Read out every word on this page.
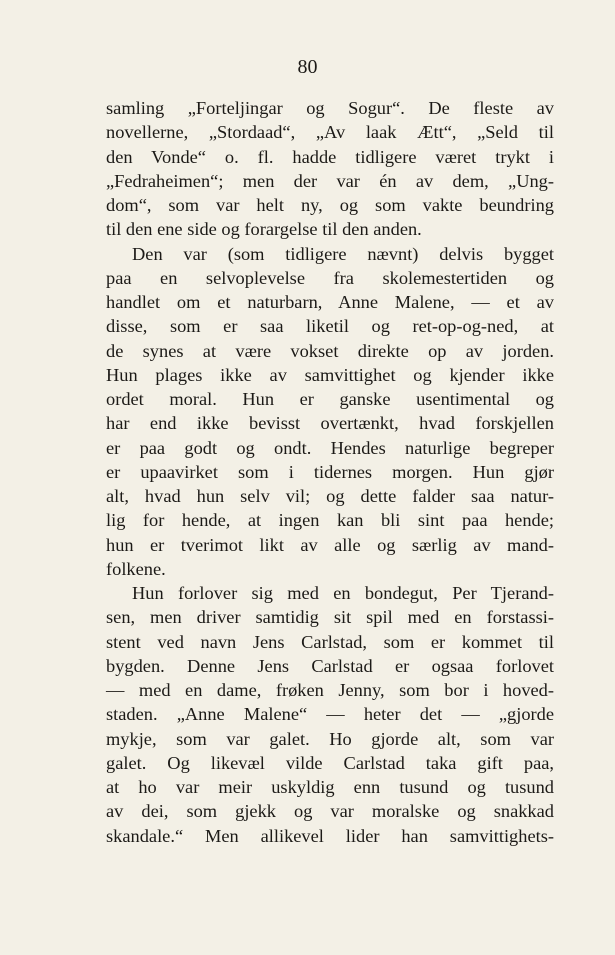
80
samling „Forteljingar og Sogur“. De fleste av
novellerne, „Stordaad“, „Av laak Ætt“, „Seld til
den Vonde“ o. fl. hadde tidligere været trykt i
„Fedraheimen“; men der var én av dem, „Ung-
dom“, som var helt ny, og som vakte beundring
til den ene side og forargelse til den anden.
Den var (som tidligere nævnt) delvis bygget
paa en selvoplevelse fra skolemestertiden og
handlet om et naturbarn, Anne Malene, — et av
disse, som er saa liketil og ret-op-og-ned, at
de synes at være vokset direkte op av jorden.
Hun plages ikke av samvittighet og kjender ikke
ordet moral. Hun er ganske usentimental og
har end ikke bevisst overtænkt, hvad forskjellen
er paa godt og ondt. Hendes naturlige begreper
er upaavirket som i tidernes morgen. Hun gjør
alt, hvad hun selv vil; og dette falder saa natur-
lig for hende, at ingen kan bli sint paa hende;
hun er tverimot likt av alle og særlig av mand-
folkene.
Hun forlover sig med en bondegut, Per Tjerand-
sen, men driver samtidig sit spil med en forstassi-
stent ved navn Jens Carlstad, som er kommet til
bygden. Denne Jens Carlstad er ogsaa forlovet
— med en dame, frøken Jenny, som bor i hoved-
staden. „Anne Malene“ — heter det — „gjorde
mykje, som var galet. Ho gjorde alt, som var
galet. Og likevæl vilde Carlstad taka gift paa,
at ho var meir uskyldig enn tusund og tusund
av dei, som gjekk og var moralske og snakkad
skandale.“ Men allikevel lider han samvittighets-
